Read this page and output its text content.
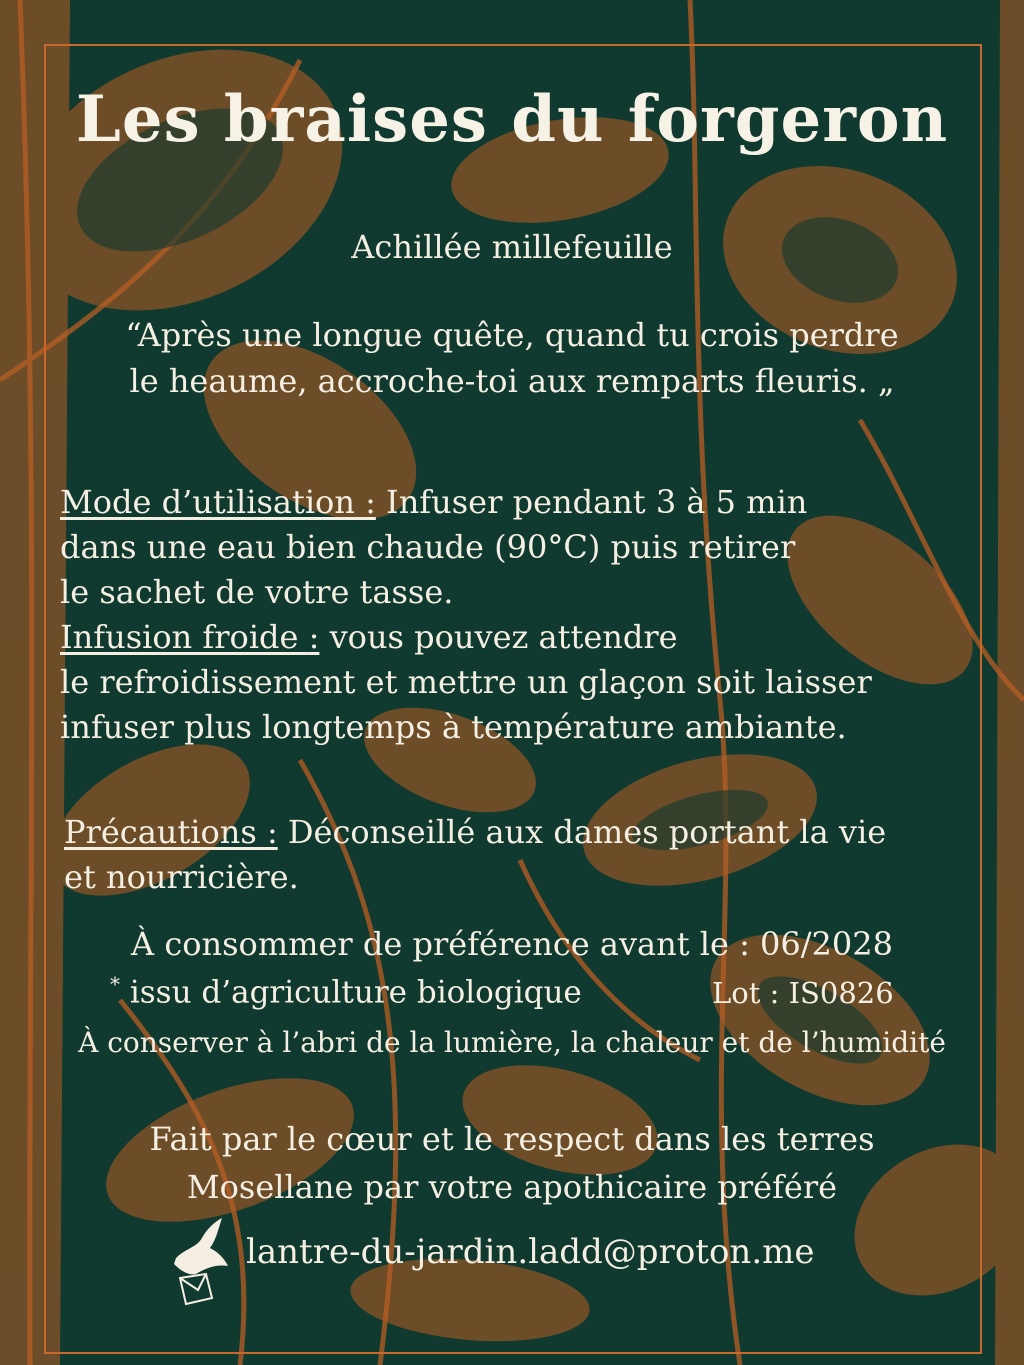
Les braises du forgeron
Achillée millefeuille
“Après une longue quête, quand tu crois perdre
le heaume, accroche-toi aux remparts fleuris. „
Mode d’utilisation : Infuser pendant 3 à 5 min
dans une eau bien chaude (90°C) puis retirer
le sachet de votre tasse.
Infusion froide : vous pouvez attendre
le refroidissement et mettre un glaçon soit laisser
infuser plus longtemps à température ambiante.
Précautions : Déconseillé aux dames portant la vie
et nourricière.
À consommer de préférence avant le : 06/2028
* issu d’agriculture biologique	Lot : IS0826
À conserver à l’abri de la lumière, la chaleur et de l’humidité
Fait par le cœur et le respect dans les terres
Mosellane par votre apothicaire préféré
lantre-du-jardin.ladd@proton.me
